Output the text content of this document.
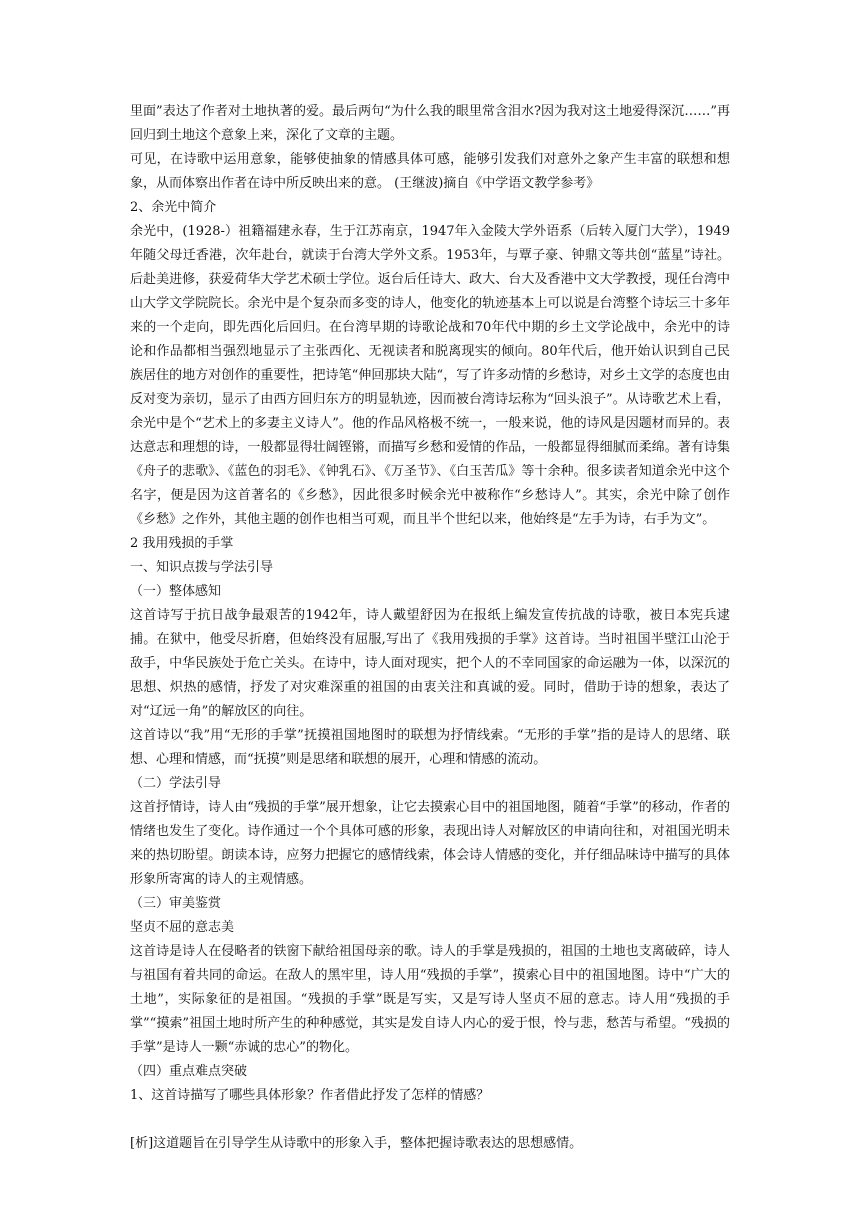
里面”表达了作者对土地执著的爱。最后两句“为什么我的眼里常含泪水?因为我对这土地爱得深沉……”再回归到土地这个意象上来，深化了文章的主题。

可见，在诗歌中运用意象，能够使抽象的情感具体可感，能够引发我们对意外之象产生丰富的联想和想象，从而体察出作者在诗中所反映出来的意。 (王继波)摘自《中学语文教学参考》

2、余光中简介

余光中，(1928-）祖籍福建永春，生于江苏南京，1947年入金陵大学外语系（后转入厦门大学），1949年随父母迁香港，次年赴台，就读于台湾大学外文系。1953年，与覃子豪、钟鼎文等共创“蓝星”诗社。后赴美进修，获爱荷华大学艺术硕士学位。返台后任诗大、政大、台大及香港中文大学教授，现任台湾中山大学文学院院长。余光中是个复杂而多变的诗人，他变化的轨迹基本上可以说是台湾整个诗坛三十多年来的一个走向，即先西化后回归。在台湾早期的诗歌论战和70年代中期的乡土文学论战中，余光中的诗论和作品都相当强烈地显示了主张西化、无视读者和脱离现实的倾向。80年代后，他开始认识到自己民族居住的地方对创作的重要性，把诗笔“伸回那块大陆“，写了许多动情的乡愁诗，对乡土文学的态度也由反对变为亲切，显示了由西方回归东方的明显轨迹，因而被台湾诗坛称为“回头浪子”。从诗歌艺术上看，余光中是个“艺术上的多妻主义诗人”。他的作品风格极不统一，一般来说，他的诗风是因题材而异的。表达意志和理想的诗，一般都显得壮阔铿锵，而描写乡愁和爱情的作品，一般都显得细腻而柔绵。著有诗集《舟子的悲歌》、《蓝色的羽毛》、《钟乳石》、《万圣节》、《白玉苦瓜》等十余种。很多读者知道余光中这个名字，便是因为这首著名的《乡愁》，因此很多时候余光中被称作“乡愁诗人”。其实，余光中除了创作《乡愁》之作外，其他主题的创作也相当可观，而且半个世纪以来，他始终是“左手为诗，右手为文”。

2 我用残损的手掌

一、知识点拨与学法引导

（一）整体感知

这首诗写于抗日战争最艰苦的1942年，诗人戴望舒因为在报纸上编发宣传抗战的诗歌，被日本宪兵逮捕。在狱中，他受尽折磨，但始终没有屈服,写出了《我用残损的手掌》这首诗。当时祖国半壁江山沦于敌手，中华民族处于危亡关头。在诗中，诗人面对现实，把个人的不幸同国家的命运融为一体，以深沉的思想、炽热的感情，抒发了对灾难深重的祖国的由衷关注和真诚的爱。同时，借助于诗的想象，表达了对“辽远一角”的解放区的向往。

这首诗以“我”用“无形的手掌”抚摸祖国地图时的联想为抒情线索。“无形的手掌”指的是诗人的思绪、联想、心理和情感，而“抚摸”则是思绪和联想的展开，心理和情感的流动。

（二）学法引导

这首抒情诗，诗人由“残损的手掌”展开想象，让它去摸索心目中的祖国地图，随着“手掌”的移动，作者的情绪也发生了变化。诗作通过一个个具体可感的形象，表现出诗人对解放区的申请向往和，对祖国光明未来的热切盼望。朗读本诗，应努力把握它的感情线索，体会诗人情感的变化，并仔细品味诗中描写的具体形象所寄寓的诗人的主观情感。

（三）审美鉴赏

坚贞不屈的意志美

这首诗是诗人在侵略者的铁窗下献给祖国母亲的歌。诗人的手掌是残损的，祖国的土地也支离破碎，诗人与祖国有着共同的命运。在敌人的黑牢里，诗人用“残损的手掌”，摸索心目中的祖国地图。诗中“广大的土地”，实际象征的是祖国。“残损的手掌”既是写实，又是写诗人坚贞不屈的意志。诗人用“残损的手掌”“摸索”祖国土地时所产生的种种感觉，其实是发自诗人内心的爱于恨，怜与悲，愁苦与希望。“残损的手掌”是诗人一颗“赤诚的忠心”的物化。

（四）重点难点突破

1、这首诗描写了哪些具体形象？作者借此抒发了怎样的情感？

[析]这道题旨在引导学生从诗歌中的形象入手，整体把握诗歌表达的思想感情。
